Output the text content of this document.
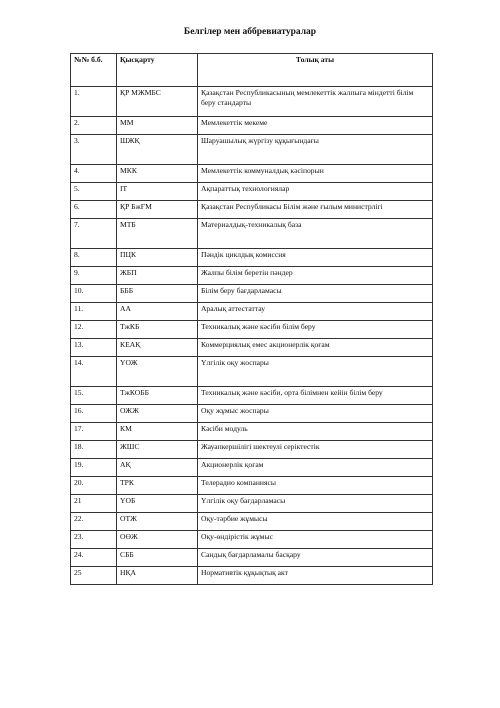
Белгілер мен аббревиатуралар
№№ б.б.	Қысқарту	Толық аты
1.	ҚР МЖМБС	Қазақстан Республикасының мемлекеттік жалпыға міндетті білім беру стандарты
2.	ММ	Мемлекеттік мекеме
3.	ШЖҚ	Шаруашылық жүргізу құқығындағы
4.	МКК	Мемлекеттік коммуналдық кәсіпорын
5.	ІТ	Ақпараттық технологиялар
6.	ҚР БжҒМ	Қазақстан Республикасы Білім және ғылым министрлігі
7.	МТБ	Материалдық-техникалық база
8.	ПЦК	Пәндік циклдық комиссия
9.	ЖБП	Жалпы білім беретін пәндер
10.	БББ	Білім беру бағдарламасы
11.	АА	Аралық аттестаттау
12.	ТжКБ	Техникалық және кәсіби білім беру
13.	КЕАҚ	Коммерциялық емес акционерлік қоғам
14.	ҮОЖ	Үлгілік оқу жоспары
15.	ТжКОББ	Техникалық және кәсіби, орта білімнен кейін білім беру
16.	ОЖЖ	Оқу жұмыс жоспары
17.	КМ	Кәсіби модуль
18.	ЖШС	Жауапкершілігі шектеулі серіктестік
19.	АҚ	Акционерлік қоғам
20.	ТРК	Телерадио компаниясы
21	ҮОБ	Үлгілік оқу бағдарламасы
22.	ОТЖ	Оқу-тәрбие жұмысы
23.	ОӨЖ	Оқу-өндірістік жұмыс
24.	СББ	Сандық бағдарламалы басқару
25	НҚА	Нормативтік құқықтық акт
